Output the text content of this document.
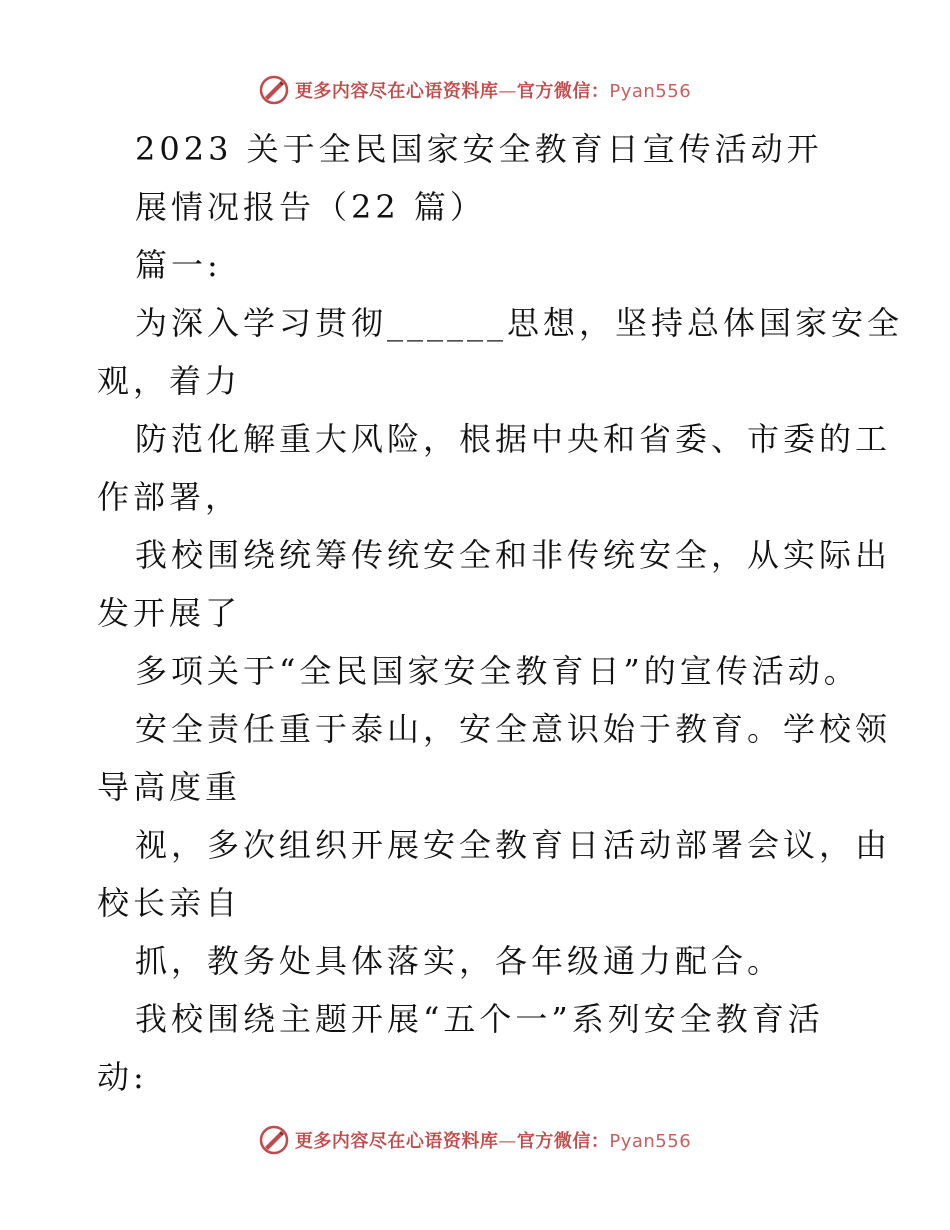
更多内容尽在心语资料库—官方微信：Pyan556
2023 关于全民国家安全教育日宣传活动开
展情况报告（22 篇）
篇一:
为深入学习贯彻______思想，坚持总体国家安全
观，着力
防范化解重大风险，根据中央和省委、市委的工
作部署，
我校围绕统筹传统安全和非传统安全，从实际出
发开展了
多项关于“全民国家安全教育日”的宣传活动。
安全责任重于泰山，安全意识始于教育。学校领
导高度重
视，多次组织开展安全教育日活动部署会议，由
校长亲自
抓，教务处具体落实，各年级通力配合。
我校围绕主题开展“五个一”系列安全教育活
动:
更多内容尽在心语资料库—官方微信：Pyan556
